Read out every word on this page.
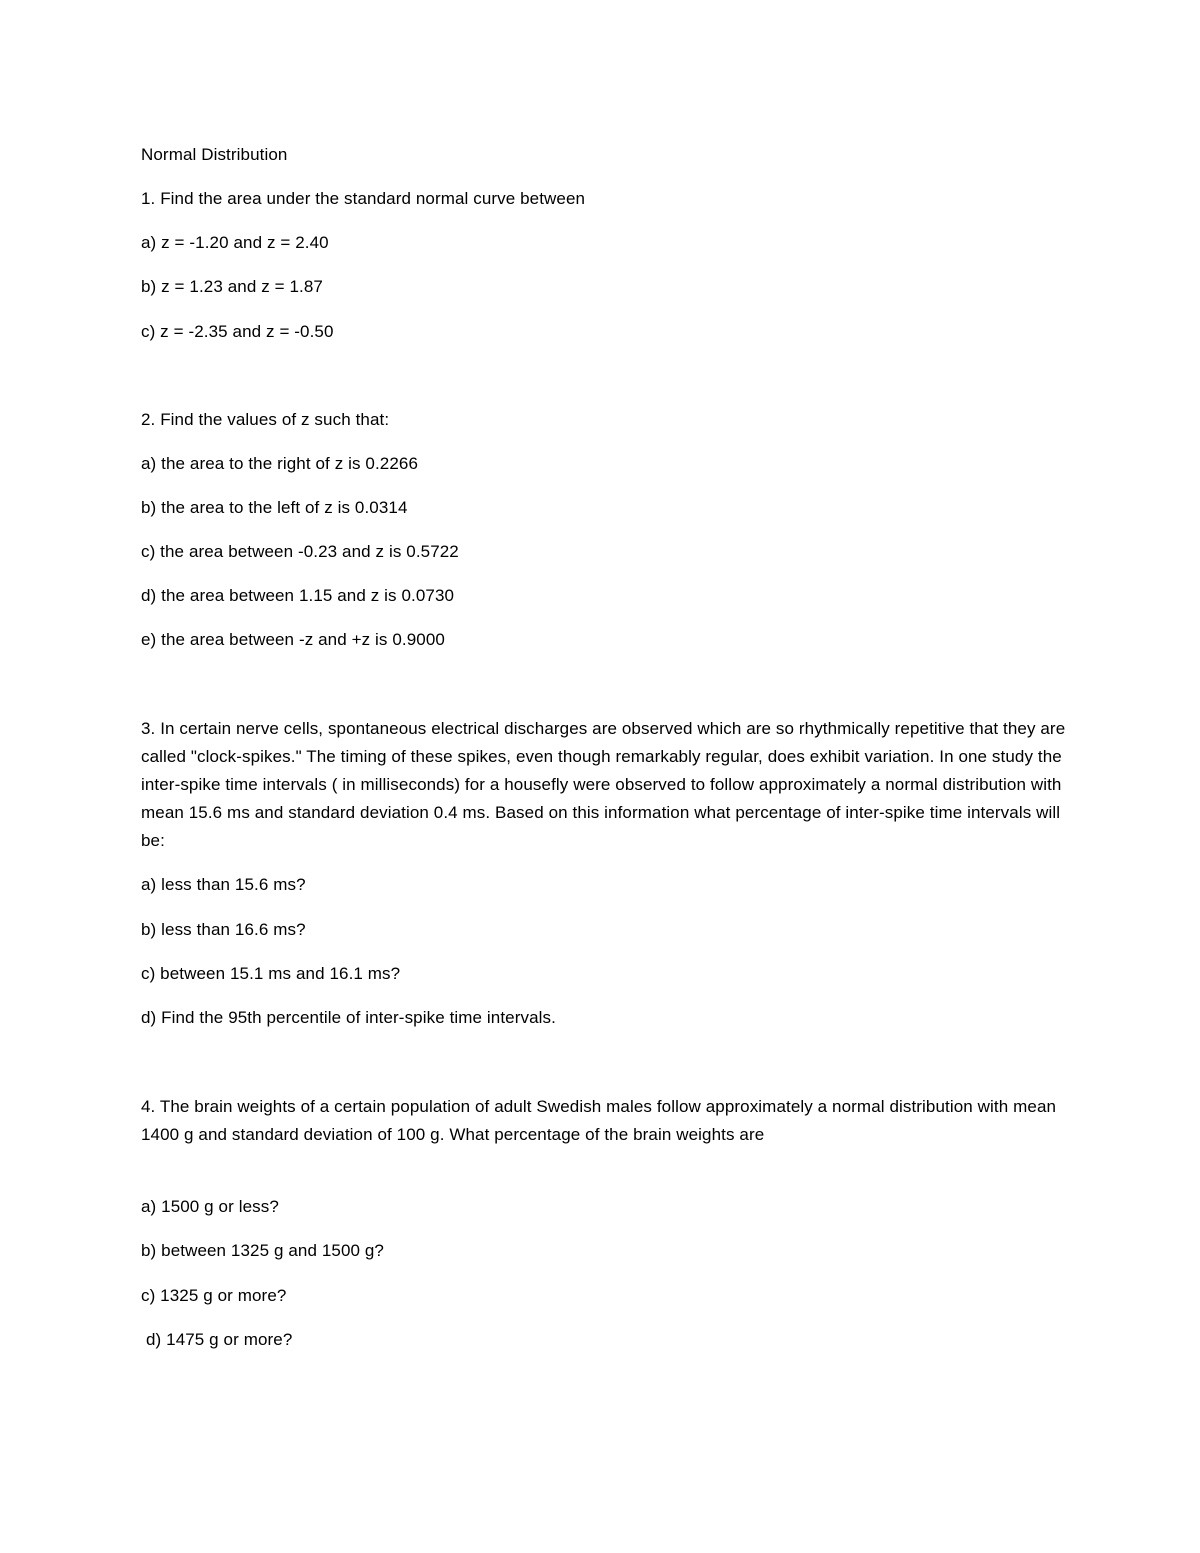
Normal Distribution
1. Find the area under the standard normal curve between
a) z = -1.20 and z = 2.40
b) z = 1.23 and z = 1.87
c) z = -2.35 and z = -0.50
2. Find the values of z such that:
a) the area to the right of z is 0.2266
b) the area to the left of z is 0.0314
c) the area between -0.23 and z is 0.5722
d) the area between 1.15 and z is 0.0730
e) the area between -z and +z is 0.9000
3. In certain nerve cells, spontaneous electrical discharges are observed which are so rhythmically repetitive that they are called "clock-spikes." The timing of these spikes, even though remarkably regular, does exhibit variation. In one study the inter-spike time intervals ( in milliseconds) for a housefly were observed to follow approximately a normal distribution with mean 15.6 ms and standard deviation 0.4 ms. Based on this information what percentage of inter-spike time intervals will be:
a) less than 15.6 ms?
b) less than 16.6 ms?
c) between 15.1 ms and 16.1 ms?
d) Find the 95th percentile of inter-spike time intervals.
4. The brain weights of a certain population of adult Swedish males follow approximately a normal distribution with mean 1400 g and standard deviation of 100 g. What percentage of the brain weights are
a) 1500 g or less?
b) between 1325 g and 1500 g?
c) 1325 g or more?
d) 1475 g or more?
